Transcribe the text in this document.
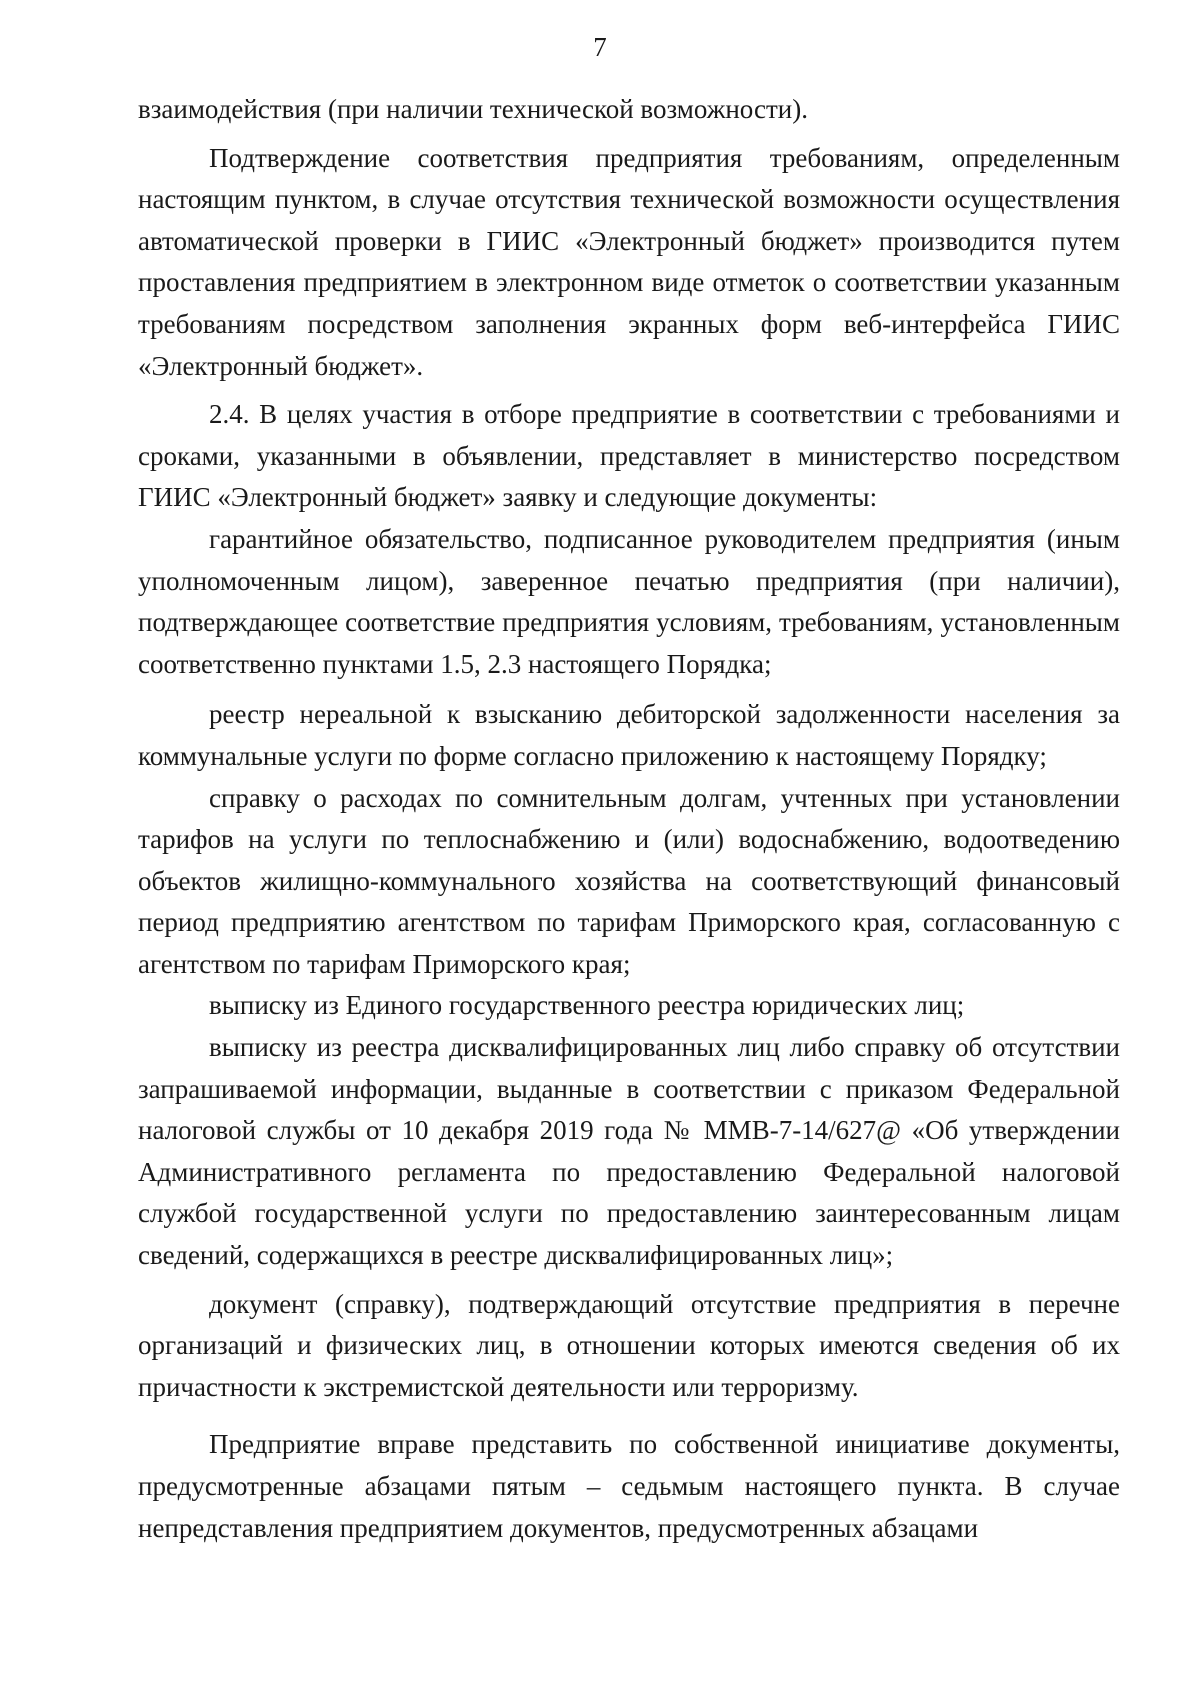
7

взаимодействия (при наличии технической возможности).

Подтверждение соответствия предприятия требованиям, определенным настоящим пунктом, в случае отсутствия технической возможности осуществления автоматической проверки в ГИИС «Электронный бюджет» производится путем проставления предприятием в электронном виде отметок о соответствии указанным требованиям посредством заполнения экранных форм веб-интерфейса ГИИС «Электронный бюджет».

2.4. В целях участия в отборе предприятие в соответствии с требованиями и сроками, указанными в объявлении, представляет в министерство посредством ГИИС «Электронный бюджет» заявку и следующие документы:

гарантийное обязательство, подписанное руководителем предприятия (иным уполномоченным лицом), заверенное печатью предприятия (при наличии), подтверждающее соответствие предприятия условиям, требованиям, установленным соответственно пунктами 1.5, 2.3 настоящего Порядка;

реестр нереальной к взысканию дебиторской задолженности населения за коммунальные услуги по форме согласно приложению к настоящему Порядку;

справку о расходах по сомнительным долгам, учтенных при установлении тарифов на услуги по теплоснабжению и (или) водоснабжению, водоотведению объектов жилищно-коммунального хозяйства на соответствующий финансовый период предприятию агентством по тарифам Приморского края, согласованную с агентством по тарифам Приморского края;

выписку из Единого государственного реестра юридических лиц;

выписку из реестра дисквалифицированных лиц либо справку об отсутствии запрашиваемой информации, выданные в соответствии с приказом Федеральной налоговой службы от 10 декабря 2019 года № ММВ-7-14/627@ «Об утверждении Административного регламента по предоставлению Федеральной налоговой службой государственной услуги по предоставлению заинтересованным лицам сведений, содержащихся в реестре дисквалифицированных лиц»;

документ (справку), подтверждающий отсутствие предприятия в перечне организаций и физических лиц, в отношении которых имеются сведения об их причастности к экстремистской деятельности или терроризму.

Предприятие вправе представить по собственной инициативе документы, предусмотренные абзацами пятым – седьмым настоящего пункта. В случае непредставления предприятием документов, предусмотренных абзацами
